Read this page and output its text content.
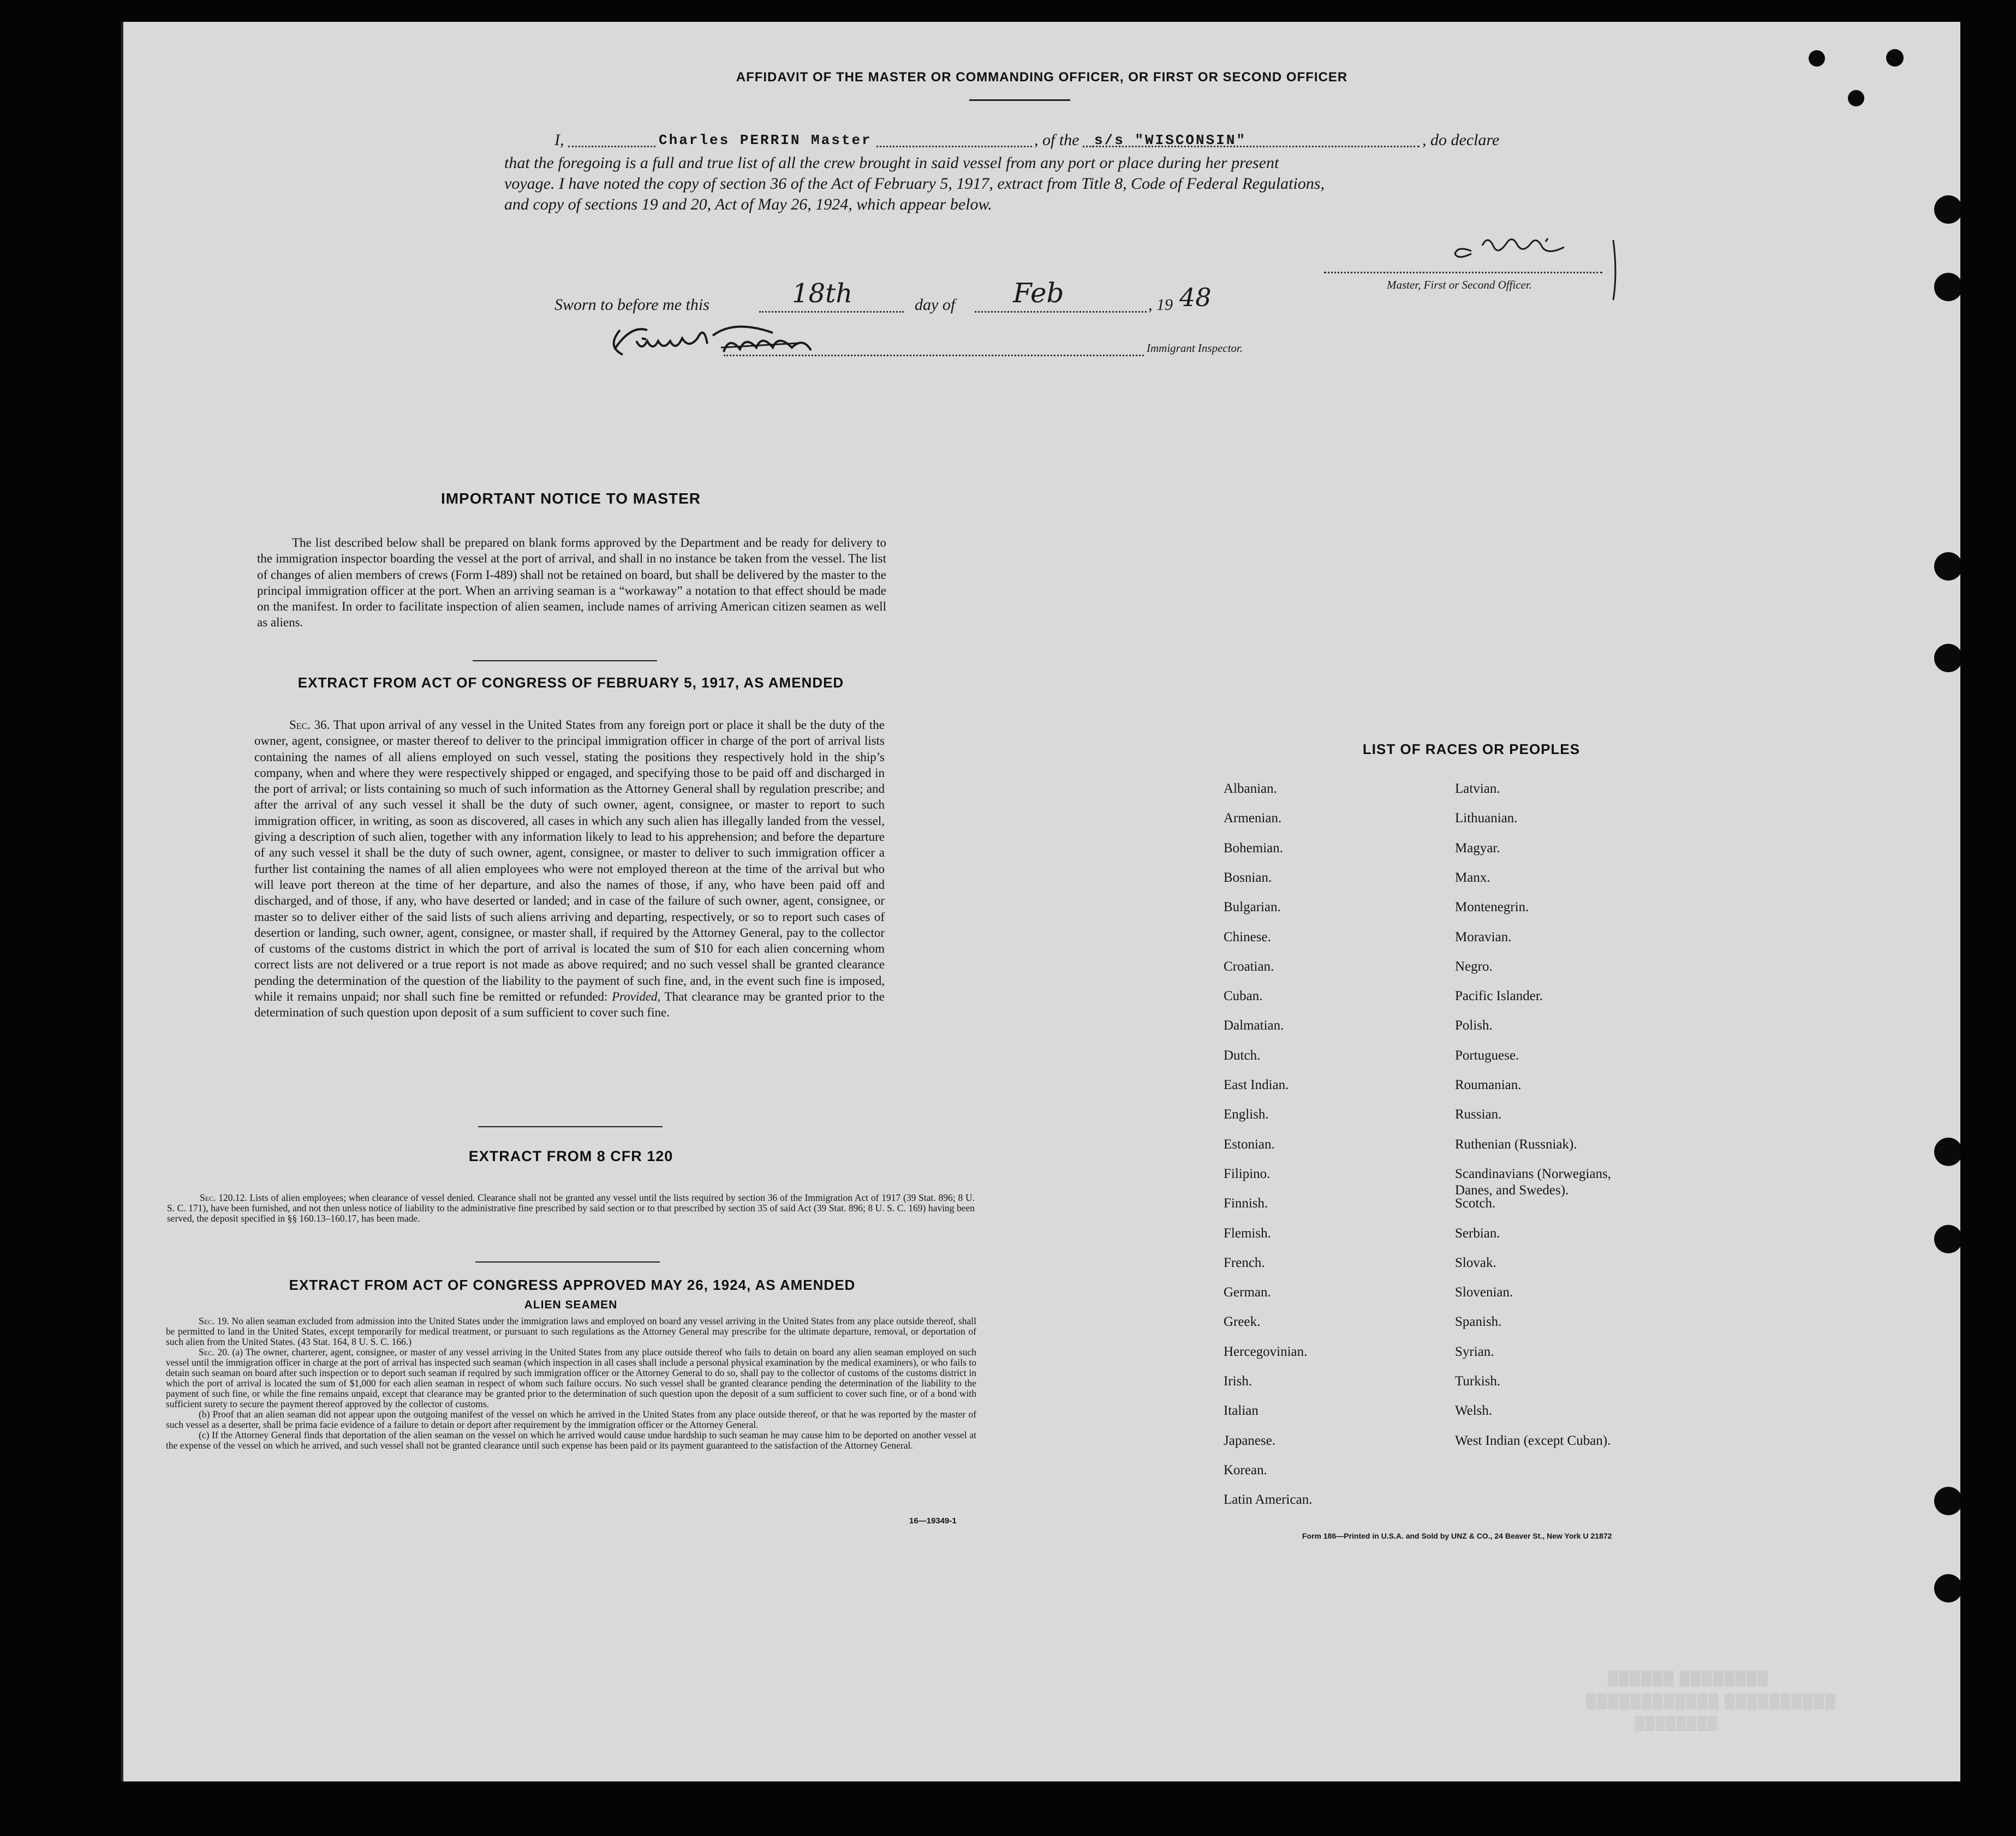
AFFIDAVIT OF THE MASTER OR COMMANDING OFFICER, OR FIRST OR SECOND OFFICER
I,	Charles PERRIN Master	, of the s/s "WISCONSIN"	, do declare
that the foregoing is a full and true list of all the crew brought in said vessel from any port or place during her present
voyage. I have noted the copy of section 36 of the Act of February 5, 1917, extract from Title 8, Code of Federal Regulations,
and copy of sections 19 and 20, Act of May 26, 1924, which appear below.
Master, First or Second Officer.
Sworn to before me this	18th	day of Feb	, 19 48
Immigrant Inspector.
IMPORTANT NOTICE TO MASTER
The list described below shall be prepared on blank forms approved by the Department and be ready for delivery to the immigration inspector boarding the vessel at the port of arrival, and shall in no instance be taken from the vessel. The list of changes of alien members of crews (Form I-489) shall not be retained on board, but shall be delivered by the master to the principal immigration officer at the port. When an arriving seaman is a “workaway” a notation to that effect should be made on the manifest. In order to facilitate inspection of alien seamen, include names of arriving American citizen seamen as well as aliens.
EXTRACT FROM ACT OF CONGRESS OF FEBRUARY 5, 1917, AS AMENDED
Sec. 36. That upon arrival of any vessel in the United States from any foreign port or place it shall be the duty of the owner, agent, consignee, or master thereof to deliver to the principal immigration officer in charge of the port of arrival lists containing the names of all aliens employed on such vessel, stating the positions they respectively hold in the ship’s company, when and where they were respectively shipped or engaged, and specifying those to be paid off and discharged in the port of arrival; or lists containing so much of such information as the Attorney General shall by regulation prescribe; and after the arrival of any such vessel it shall be the duty of such owner, agent, consignee, or master to report to such immigration officer, in writing, as soon as discovered, all cases in which any such alien has illegally landed from the vessel, giving a description of such alien, together with any information likely to lead to his apprehension; and before the departure of any such vessel it shall be the duty of such owner, agent, consignee, or master to deliver to such immigration officer a further list containing the names of all alien employees who were not employed thereon at the time of the arrival but who will leave port thereon at the time of her departure, and also the names of those, if any, who have been paid off and discharged, and of those, if any, who have deserted or landed; and in case of the failure of such owner, agent, consignee, or master so to deliver either of the said lists of such aliens arriving and departing, respectively, or so to report such cases of desertion or landing, such owner, agent, consignee, or master shall, if required by the Attorney General, pay to the collector of customs of the customs district in which the port of arrival is located the sum of $10 for each alien concerning whom correct lists are not delivered or a true report is not made as above required; and no such vessel shall be granted clearance pending the determination of the question of the liability to the payment of such fine, and, in the event such fine is imposed, while it remains unpaid; nor shall such fine be remitted or refunded: Provided, That clearance may be granted prior to the determination of such question upon deposit of a sum sufficient to cover such fine.
EXTRACT FROM 8 CFR 120
Sec. 120.12. Lists of alien employees; when clearance of vessel denied. Clearance shall not be granted any vessel until the lists required by section 36 of the Immigration Act of 1917 (39 Stat. 896; 8 U. S. C. 171), have been furnished, and not then unless notice of liability to the administrative fine prescribed by said section or to that prescribed by section 35 of said Act (39 Stat. 896; 8 U. S. C. 169) having been served, the deposit specified in §§ 160.13–160.17, has been made.
EXTRACT FROM ACT OF CONGRESS APPROVED MAY 26, 1924, AS AMENDED
ALIEN SEAMEN
Sec. 19. No alien seaman excluded from admission into the United States under the immigration laws and employed on board any vessel arriving in the United States from any place outside thereof, shall be permitted to land in the United States, except temporarily for medical treatment, or pursuant to such regulations as the Attorney General may prescribe for the ultimate departure, removal, or deportation of such alien from the United States. (43 Stat. 164, 8 U. S. C. 166.)
Sec. 20. (a) The owner, charterer, agent, consignee, or master of any vessel arriving in the United States from any place outside thereof who fails to detain on board any alien seaman employed on such vessel until the immigration officer in charge at the port of arrival has inspected such seaman (which inspection in all cases shall include a personal physical examination by the medical examiners), or who fails to detain such seaman on board after such inspection or to deport such seaman if required by such immigration officer or the Attorney General to do so, shall pay to the collector of customs of the customs district in which the port of arrival is located the sum of $1,000 for each alien seaman in respect of whom such failure occurs. No such vessel shall be granted clearance pending the determination of the liability to the payment of such fine, or while the fine remains unpaid, except that clearance may be granted prior to the determination of such question upon the deposit of a sum sufficient to cover such fine, or of a bond with sufficient surety to secure the payment thereof approved by the collector of customs.
(b) Proof that an alien seaman did not appear upon the outgoing manifest of the vessel on which he arrived in the United States from any place outside thereof, or that he was reported by the master of such vessel as a deserter, shall be prima facie evidence of a failure to detain or deport after requirement by the immigration officer or the Attorney General.
(c) If the Attorney General finds that deportation of the alien seaman on the vessel on which he arrived would cause undue hardship to such seaman he may cause him to be deported on another vessel at the expense of the vessel on which he arrived, and such vessel shall not be granted clearance until such expense has been paid or its payment guaranteed to the satisfaction of the Attorney General.
16—19349-1
LIST OF RACES OR PEOPLES
Form 186—Printed in U.S.A. and Sold by UNZ & CO., 24 Beaver St., New York U 21872
▒▒▒▒▒▒ ▒▒▒▒▒▒▒▒
▒▒▒▒▒▒▒▒▒▒▒▒ ▒▒▒▒▒▒▒▒▒▒
▒▒▒▒▒▒▒▒
Albanian.
Armenian.
Bohemian.
Bosnian.
Bulgarian.
Chinese.
Croatian.
Cuban.
Dalmatian.
Dutch.
East Indian.
English.
Estonian.
Filipino.
Finnish.
Flemish.
French.
German.
Greek.
Hercegovinian.
Irish.
Italian
Japanese.
Korean.
Latin American.
Latvian.
Lithuanian.
Magyar.
Manx.
Montenegrin.
Moravian.
Negro.
Pacific Islander.
Polish.
Portuguese.
Roumanian.
Russian.
Ruthenian (Russniak).
Scandinavians (Norwegians,
Danes, and Swedes).
Scotch.
Serbian.
Slovak.
Slovenian.
Spanish.
Syrian.
Turkish.
Welsh.
West Indian (except Cuban).
